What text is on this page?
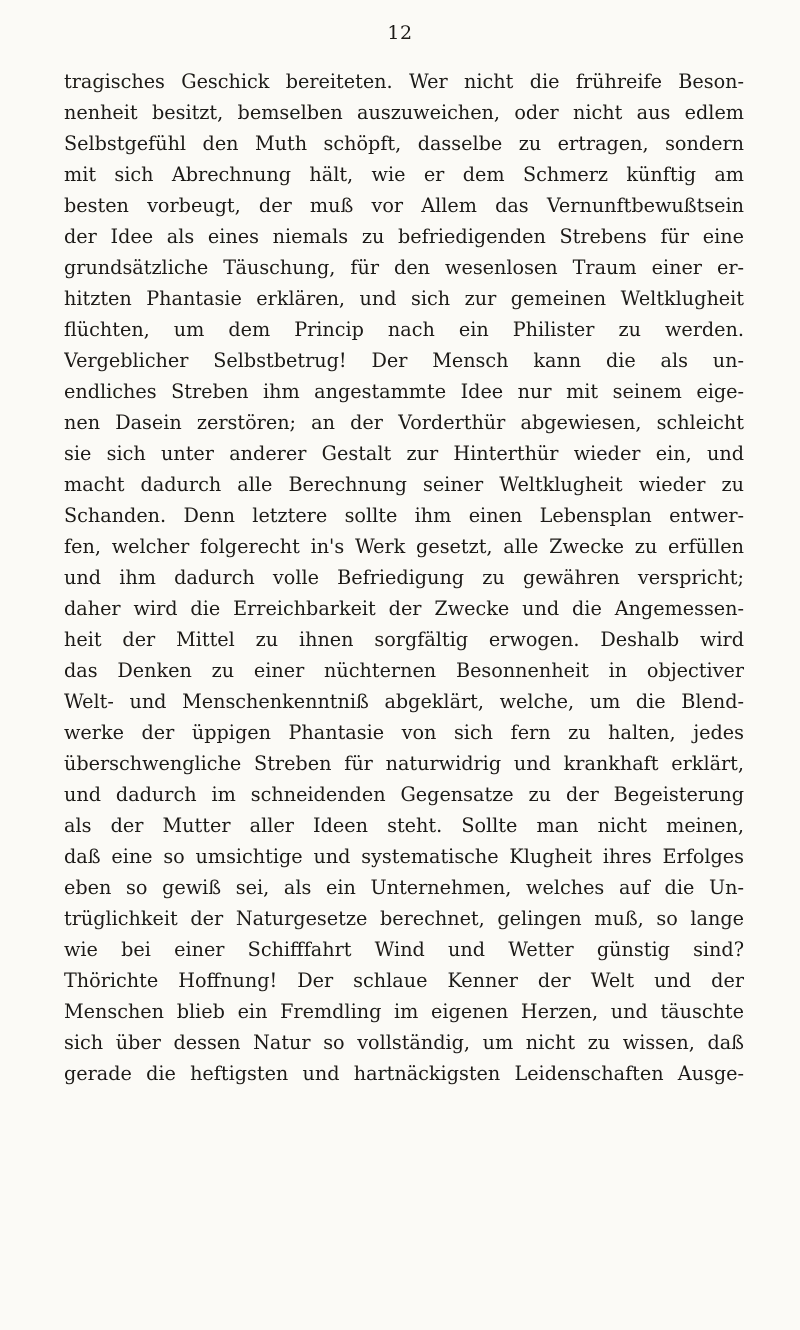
12
tragisches Geschick bereiteten. Wer nicht die frühreife Beson-
nenheit besitzt, bemselben auszuweichen, oder nicht aus edlem
Selbstgefühl den Muth schöpft, dasselbe zu ertragen, sondern
mit sich Abrechnung hält, wie er dem Schmerz künftig am
besten vorbeugt, der muß vor Allem das Vernunftbewußtsein
der Idee als eines niemals zu befriedigenden Strebens für eine
grundsätzliche Täuschung, für den wesenlosen Traum einer er-
hitzten Phantasie erklären, und sich zur gemeinen Weltklugheit
flüchten, um dem Princip nach ein Philister zu werden.
Vergeblicher Selbstbetrug! Der Mensch kann die als un-
endliches Streben ihm angestammte Idee nur mit seinem eige-
nen Dasein zerstören; an der Vorderthür abgewiesen, schleicht
sie sich unter anderer Gestalt zur Hinterthür wieder ein, und
macht dadurch alle Berechnung seiner Weltklugheit wieder zu
Schanden. Denn letztere sollte ihm einen Lebensplan entwer-
fen, welcher folgerecht in's Werk gesetzt, alle Zwecke zu erfüllen
und ihm dadurch volle Befriedigung zu gewähren verspricht;
daher wird die Erreichbarkeit der Zwecke und die Angemessen-
heit der Mittel zu ihnen sorgfältig erwogen. Deshalb wird
das Denken zu einer nüchternen Besonnenheit in objectiver
Welt- und Menschenkenntniß abgeklärt, welche, um die Blend-
werke der üppigen Phantasie von sich fern zu halten, jedes
überschwengliche Streben für naturwidrig und krankhaft erklärt,
und dadurch im schneidenden Gegensatze zu der Begeisterung
als der Mutter aller Ideen steht. Sollte man nicht meinen,
daß eine so umsichtige und systematische Klugheit ihres Erfolges
eben so gewiß sei, als ein Unternehmen, welches auf die Un-
trüglichkeit der Naturgesetze berechnet, gelingen muß, so lange
wie bei einer Schifffahrt Wind und Wetter günstig sind?
Thörichte Hoffnung! Der schlaue Kenner der Welt und der
Menschen blieb ein Fremdling im eigenen Herzen, und täuschte
sich über dessen Natur so vollständig, um nicht zu wissen, daß
gerade die heftigsten und hartnäckigsten Leidenschaften Ausge-
